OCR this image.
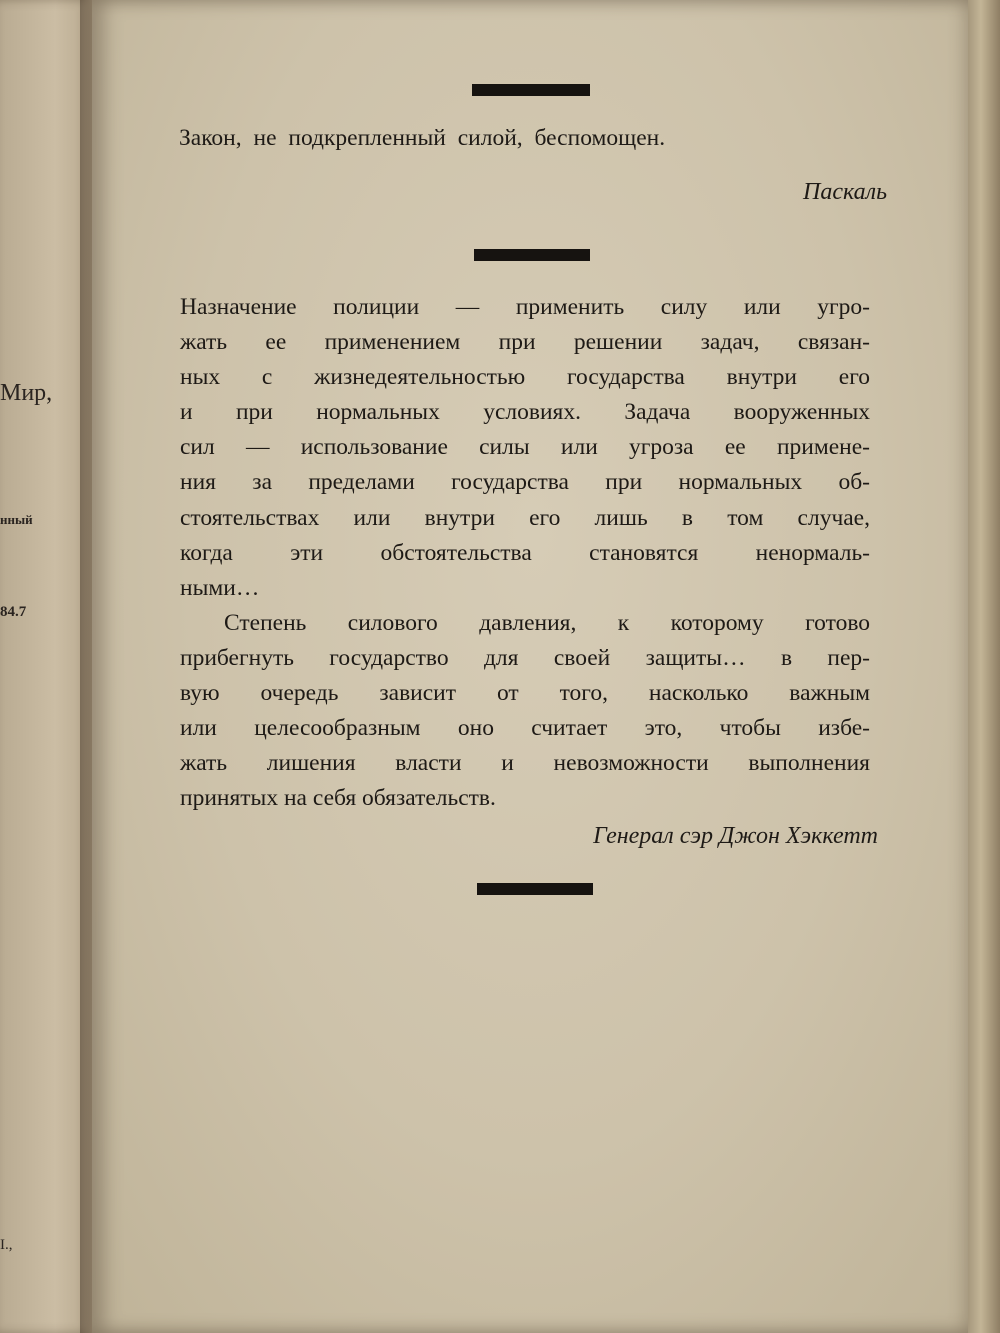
Мир,
нный
84.7
I.,
Закон, не подкрепленный силой, беспомощен.
Паскаль
Назначение полиции — применить силу или угро-
жать ее применением при решении задач, связан-
ных с жизнедеятельностью государства внутри его
и при нормальных условиях. Задача вооруженных
сил — использование силы или угроза ее примене-
ния за пределами государства при нормальных об-
стоятельствах или внутри его лишь в том случае,
когда эти обстоятельства становятся ненормаль-
ными…
Степень силового давления, к которому готово
прибегнуть государство для своей защиты… в пер-
вую очередь зависит от того, насколько важным
или целесообразным оно считает это, чтобы избе-
жать лишения власти и невозможности выполнения
принятых на себя обязательств.
Генерал сэр Джон Хэккетт
